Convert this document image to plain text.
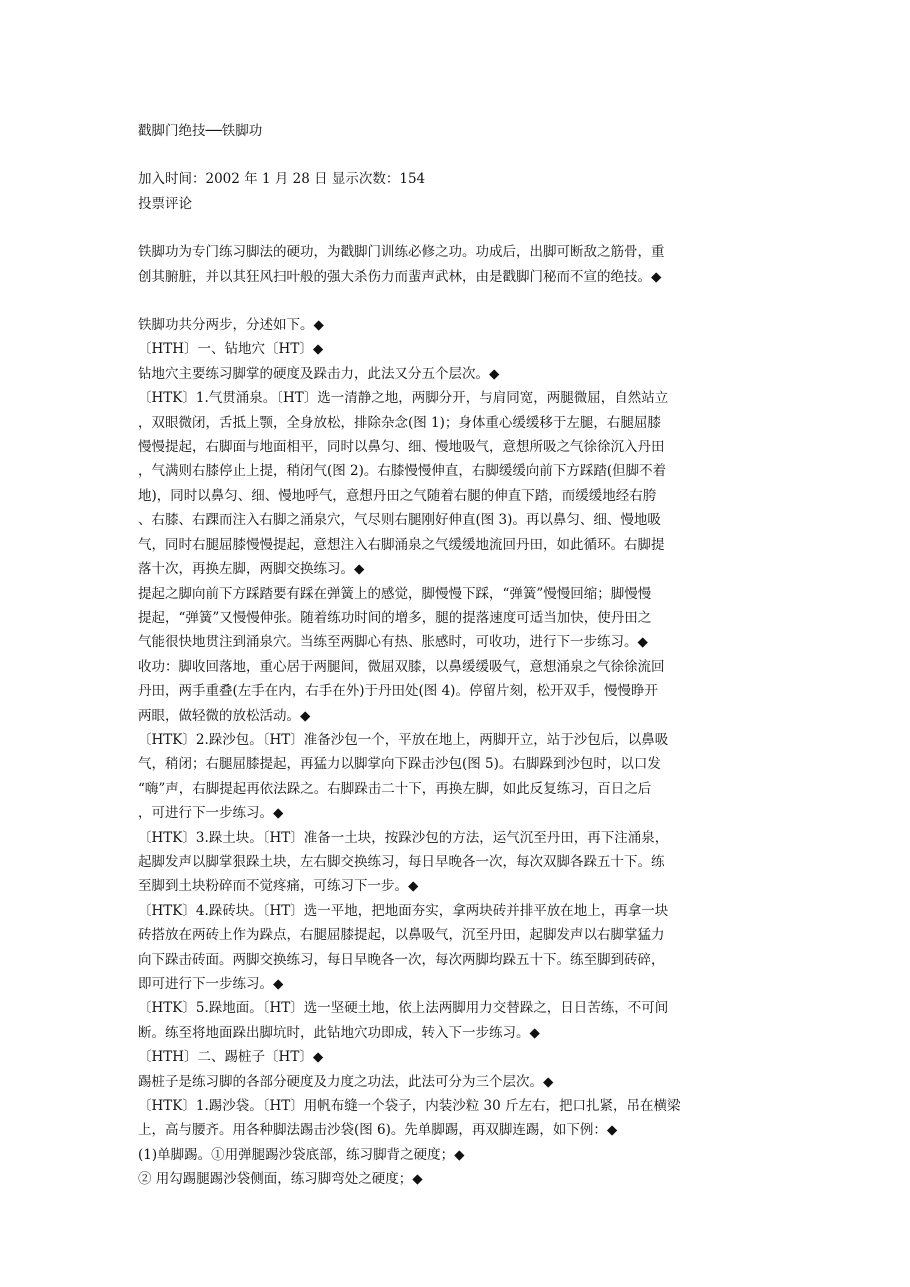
戳脚门绝技──铁脚功
加入时间：2002 年 1 月 28 日 显示次数：154
投票评论
铁脚功为专门练习脚法的硬功，为戳脚门训练必修之功。功成后，出脚可断敌之筋骨，重
创其腑脏，并以其狂风扫叶般的强大杀伤力而蜚声武林，由是戳脚门秘而不宣的绝技。◆
铁脚功共分两步，分述如下。◆
〔HTH〕一、钻地穴〔HT〕◆
钻地穴主要练习脚掌的硬度及跺击力，此法又分五个层次。◆
〔HTK〕1.气贯涌泉。〔HT〕选一清静之地，两脚分开，与肩同宽，两腿微屈，自然站立
，双眼微闭，舌抵上颚，全身放松，排除杂念(图 1)；身体重心缓缓移于左腿，右腿屈膝
慢慢提起，右脚面与地面相平，同时以鼻匀、细、慢地吸气，意想所吸之气徐徐沉入丹田
，气满则右膝停止上提，稍闭气(图 2)。右膝慢慢伸直，右脚缓缓向前下方踩踏(但脚不着
地)，同时以鼻匀、细、慢地呼气，意想丹田之气随着右腿的伸直下踏，而缓缓地经右胯
、右膝、右踝而注入右脚之涌泉穴，气尽则右腿刚好伸直(图 3)。再以鼻匀、细、慢地吸
气，同时右腿屈膝慢慢提起，意想注入右脚涌泉之气缓缓地流回丹田，如此循环。右脚提
落十次，再换左脚，两脚交换练习。◆
提起之脚向前下方踩踏要有踩在弹簧上的感觉，脚慢慢下踩，“弹簧”慢慢回缩；脚慢慢
提起，“弹簧”又慢慢伸张。随着练功时间的增多，腿的提落速度可适当加快，使丹田之
气能很快地贯注到涌泉穴。当练至两脚心有热、胀感时，可收功，进行下一步练习。◆
收功：脚收回落地，重心居于两腿间，微屈双膝，以鼻缓缓吸气，意想涌泉之气徐徐流回
丹田，两手重叠(左手在内，右手在外)于丹田处(图 4)。停留片刻，松开双手，慢慢睁开
两眼，做轻微的放松活动。◆
〔HTK〕2.跺沙包。〔HT〕准备沙包一个，平放在地上，两脚开立，站于沙包后，以鼻吸
气，稍闭；右腿屈膝提起，再猛力以脚掌向下跺击沙包(图 5)。右脚跺到沙包时，以口发
“嗨”声，右脚提起再依法跺之。右脚跺击二十下，再换左脚，如此反复练习，百日之后
，可进行下一步练习。◆
〔HTK〕3.跺土块。〔HT〕准备一土块，按跺沙包的方法，运气沉至丹田，再下注涌泉，
起脚发声以脚掌狠跺土块，左右脚交换练习，每日早晚各一次，每次双脚各跺五十下。练
至脚到土块粉碎而不觉疼痛，可练习下一步。◆
〔HTK〕4.跺砖块。〔HT〕选一平地，把地面夯实，拿两块砖并排平放在地上，再拿一块
砖搭放在两砖上作为跺点，右腿屈膝提起，以鼻吸气，沉至丹田，起脚发声以右脚掌猛力
向下跺击砖面。两脚交换练习，每日早晚各一次，每次两脚均跺五十下。练至脚到砖碎，
即可进行下一步练习。◆
〔HTK〕5.跺地面。〔HT〕选一坚硬土地，依上法两脚用力交替跺之，日日苦练，不可间
断。练至将地面跺出脚坑时，此钻地穴功即成，转入下一步练习。◆
〔HTH〕二、踢桩子〔HT〕◆
踢桩子是练习脚的各部分硬度及力度之功法，此法可分为三个层次。◆
〔HTK〕1.踢沙袋。〔HT〕用帆布缝一个袋子，内装沙粒 30 斤左右，把口扎紧，吊在横梁
上，高与腰齐。用各种脚法踢击沙袋(图 6)。先单脚踢，再双脚连踢，如下例：◆
(1)单脚踢。①用弹腿踢沙袋底部，练习脚背之硬度；◆
② 用勾踢腿踢沙袋侧面，练习脚弯处之硬度；◆
